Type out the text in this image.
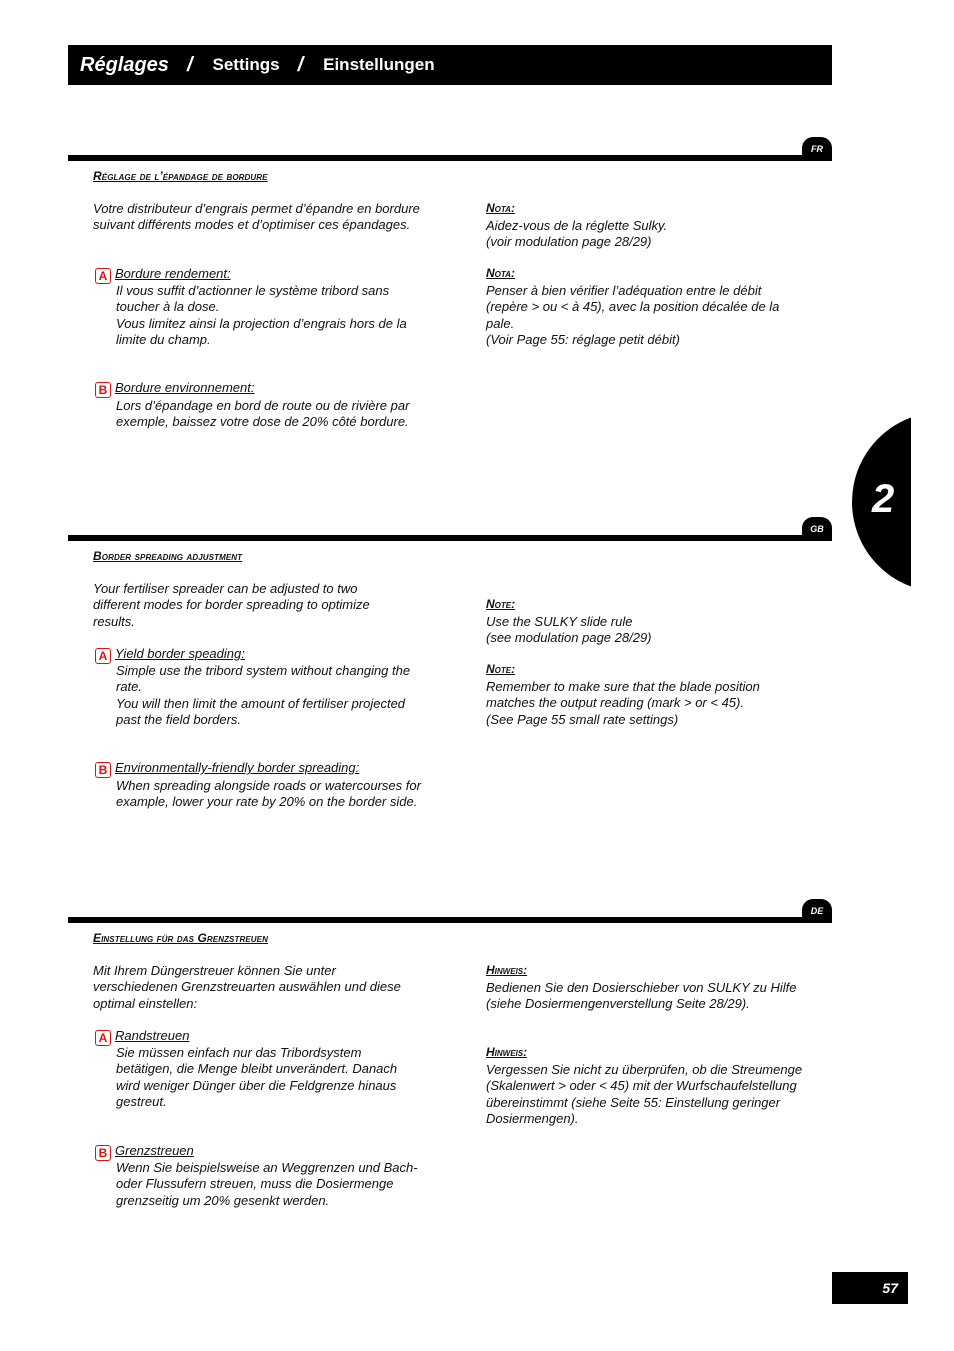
Réglages / Settings / Einstellungen
2
FR
Réglage de l’épandage de bordure

Votre distributeur d’engrais permet d’épandre en bordure suivant différents modes et d’optimiser ces épandages.

A Bordure rendement:

Il vous suffit d’actionner le système tribord sans toucher à la dose.
Vous limitez ainsi la projection d’engrais hors de la limite du champ.

B Bordure environnement:

Lors d’épandage en bord de route ou de rivière par exemple, baissez votre dose de 20% côté bordure.

Nota:

Aidez-vous de la réglette Sulky.
(voir modulation page 28/29)

Nota:

Penser à bien vérifier l’adéquation entre le débit (repère > ou < à 45), avec la position décalée de la pale.
(Voir Page 55: réglage petit débit)

GB
Border spreading adjustment

Your fertiliser spreader can be adjusted to two different modes for border spreading to optimize results.

A Yield border speading:

Simple use the tribord system without changing the rate.
You will then limit the amount of fertiliser projected past the field borders.

B Environmentally-friendly border spreading:

When spreading alongside roads or watercourses for example, lower your rate by 20% on the border side.

Note:

Use the SULKY slide rule
(see modulation page 28/29)

Note:

Remember to make sure that the blade position matches the output reading (mark > or < 45).
(See Page 55 small rate settings)

DE
Einstellung für das Grenzstreuen

Mit Ihrem Düngerstreuer können Sie unter verschiedenen Grenzstreuarten auswählen und diese optimal einstellen:

A Randstreuen

Sie müssen einfach nur das Tribordsystem betätigen, die Menge bleibt unverändert. Danach wird weniger Dünger über die Feldgrenze hinaus gestreut.

B Grenzstreuen

Wenn Sie beispielsweise an Weggrenzen und Bach- oder Flussufern streuen, muss die Dosiermenge grenzseitig um 20% gesenkt werden.

Hinweis:

Bedienen Sie den Dosierschieber von SULKY zu Hilfe (siehe Dosiermengenverstellung Seite 28/29).

Hinweis:

Vergessen Sie nicht zu überprüfen, ob die Streumenge (Skalenwert > oder < 45) mit der Wurfschaufelstellung übereinstimmt (siehe Seite 55: Einstellung geringer Dosiermengen).

57
